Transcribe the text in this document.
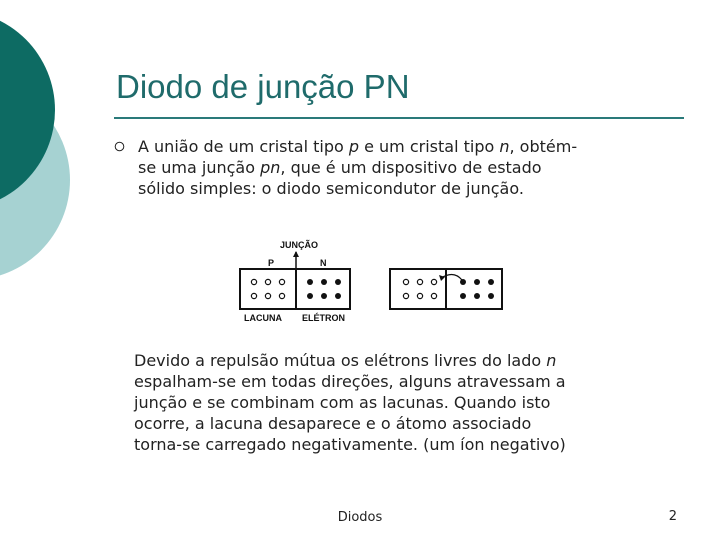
Diodo de junção PN
A união de um cristal tipo p e um cristal tipo n, obtém-
se uma junção pn, que é um dispositivo de estado
sólido simples: o diodo semicondutor de junção.
JUNÇÃO
P	N
LACUNA ELÉTRON
Devido a repulsão mútua os elétrons livres do lado n
espalham-se em todas direções, alguns atravessam a
junção e se combinam com as lacunas. Quando isto
ocorre, a lacuna desaparece e o átomo associado
torna-se carregado negativamente. (um íon negativo)
Diodos	2
